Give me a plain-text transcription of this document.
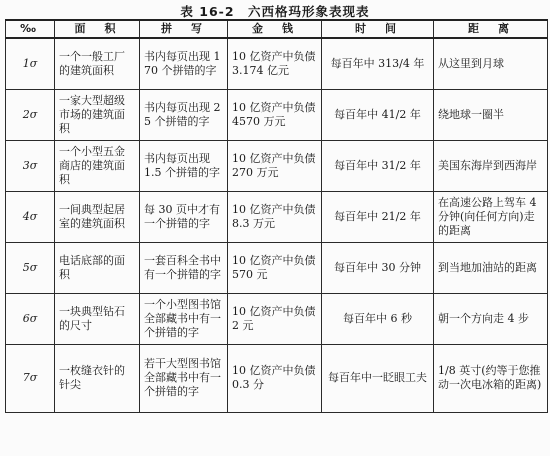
表 16-2　六西格玛形象表现表
‰	面　积	拼　写	金　钱	时　间	距　离
1σ	一个一般工厂的建筑面积	书内每页出现 170 个拼错的字	10 亿资产中负债 3.174 亿元	每百年中 313/4 年	从这里到月球
2σ	一家大型超级市场的建筑面积	书内每页出现 25 个拼错的字	10 亿资产中负债 4570 万元	每百年中 41/2 年	绕地球一圈半
3σ	一个小型五金商店的建筑面积	书内每页出现 1.5 个拼错的字	10 亿资产中负债 270 万元	每百年中 31/2 年	美国东海岸到西海岸
4σ	一间典型起居室的建筑面积	每 30 页中才有一个拼错的字	10 亿资产中负债 8.3 万元	每百年中 21/2 年	在高速公路上驾车 4 分钟(向任何方向)走的距离
5σ	电话底部的面积	一套百科全书中有一个拼错的字	10 亿资产中负债 570 元	每百年中 30 分钟	到当地加油站的距离
6σ	一块典型钻石的尺寸	一个小型图书馆全部藏书中有一个拼错的字	10 亿资产中负债 2 元	每百年中 6 秒	朝一个方向走 4 步
7σ	一枚缝衣针的针尖	若干大型图书馆全部藏书中有一个拼错的字	10 亿资产中负债 0.3 分	每百年中一眨眼工夫	1/8 英寸(约等于您推动一次电冰箱的距离)
